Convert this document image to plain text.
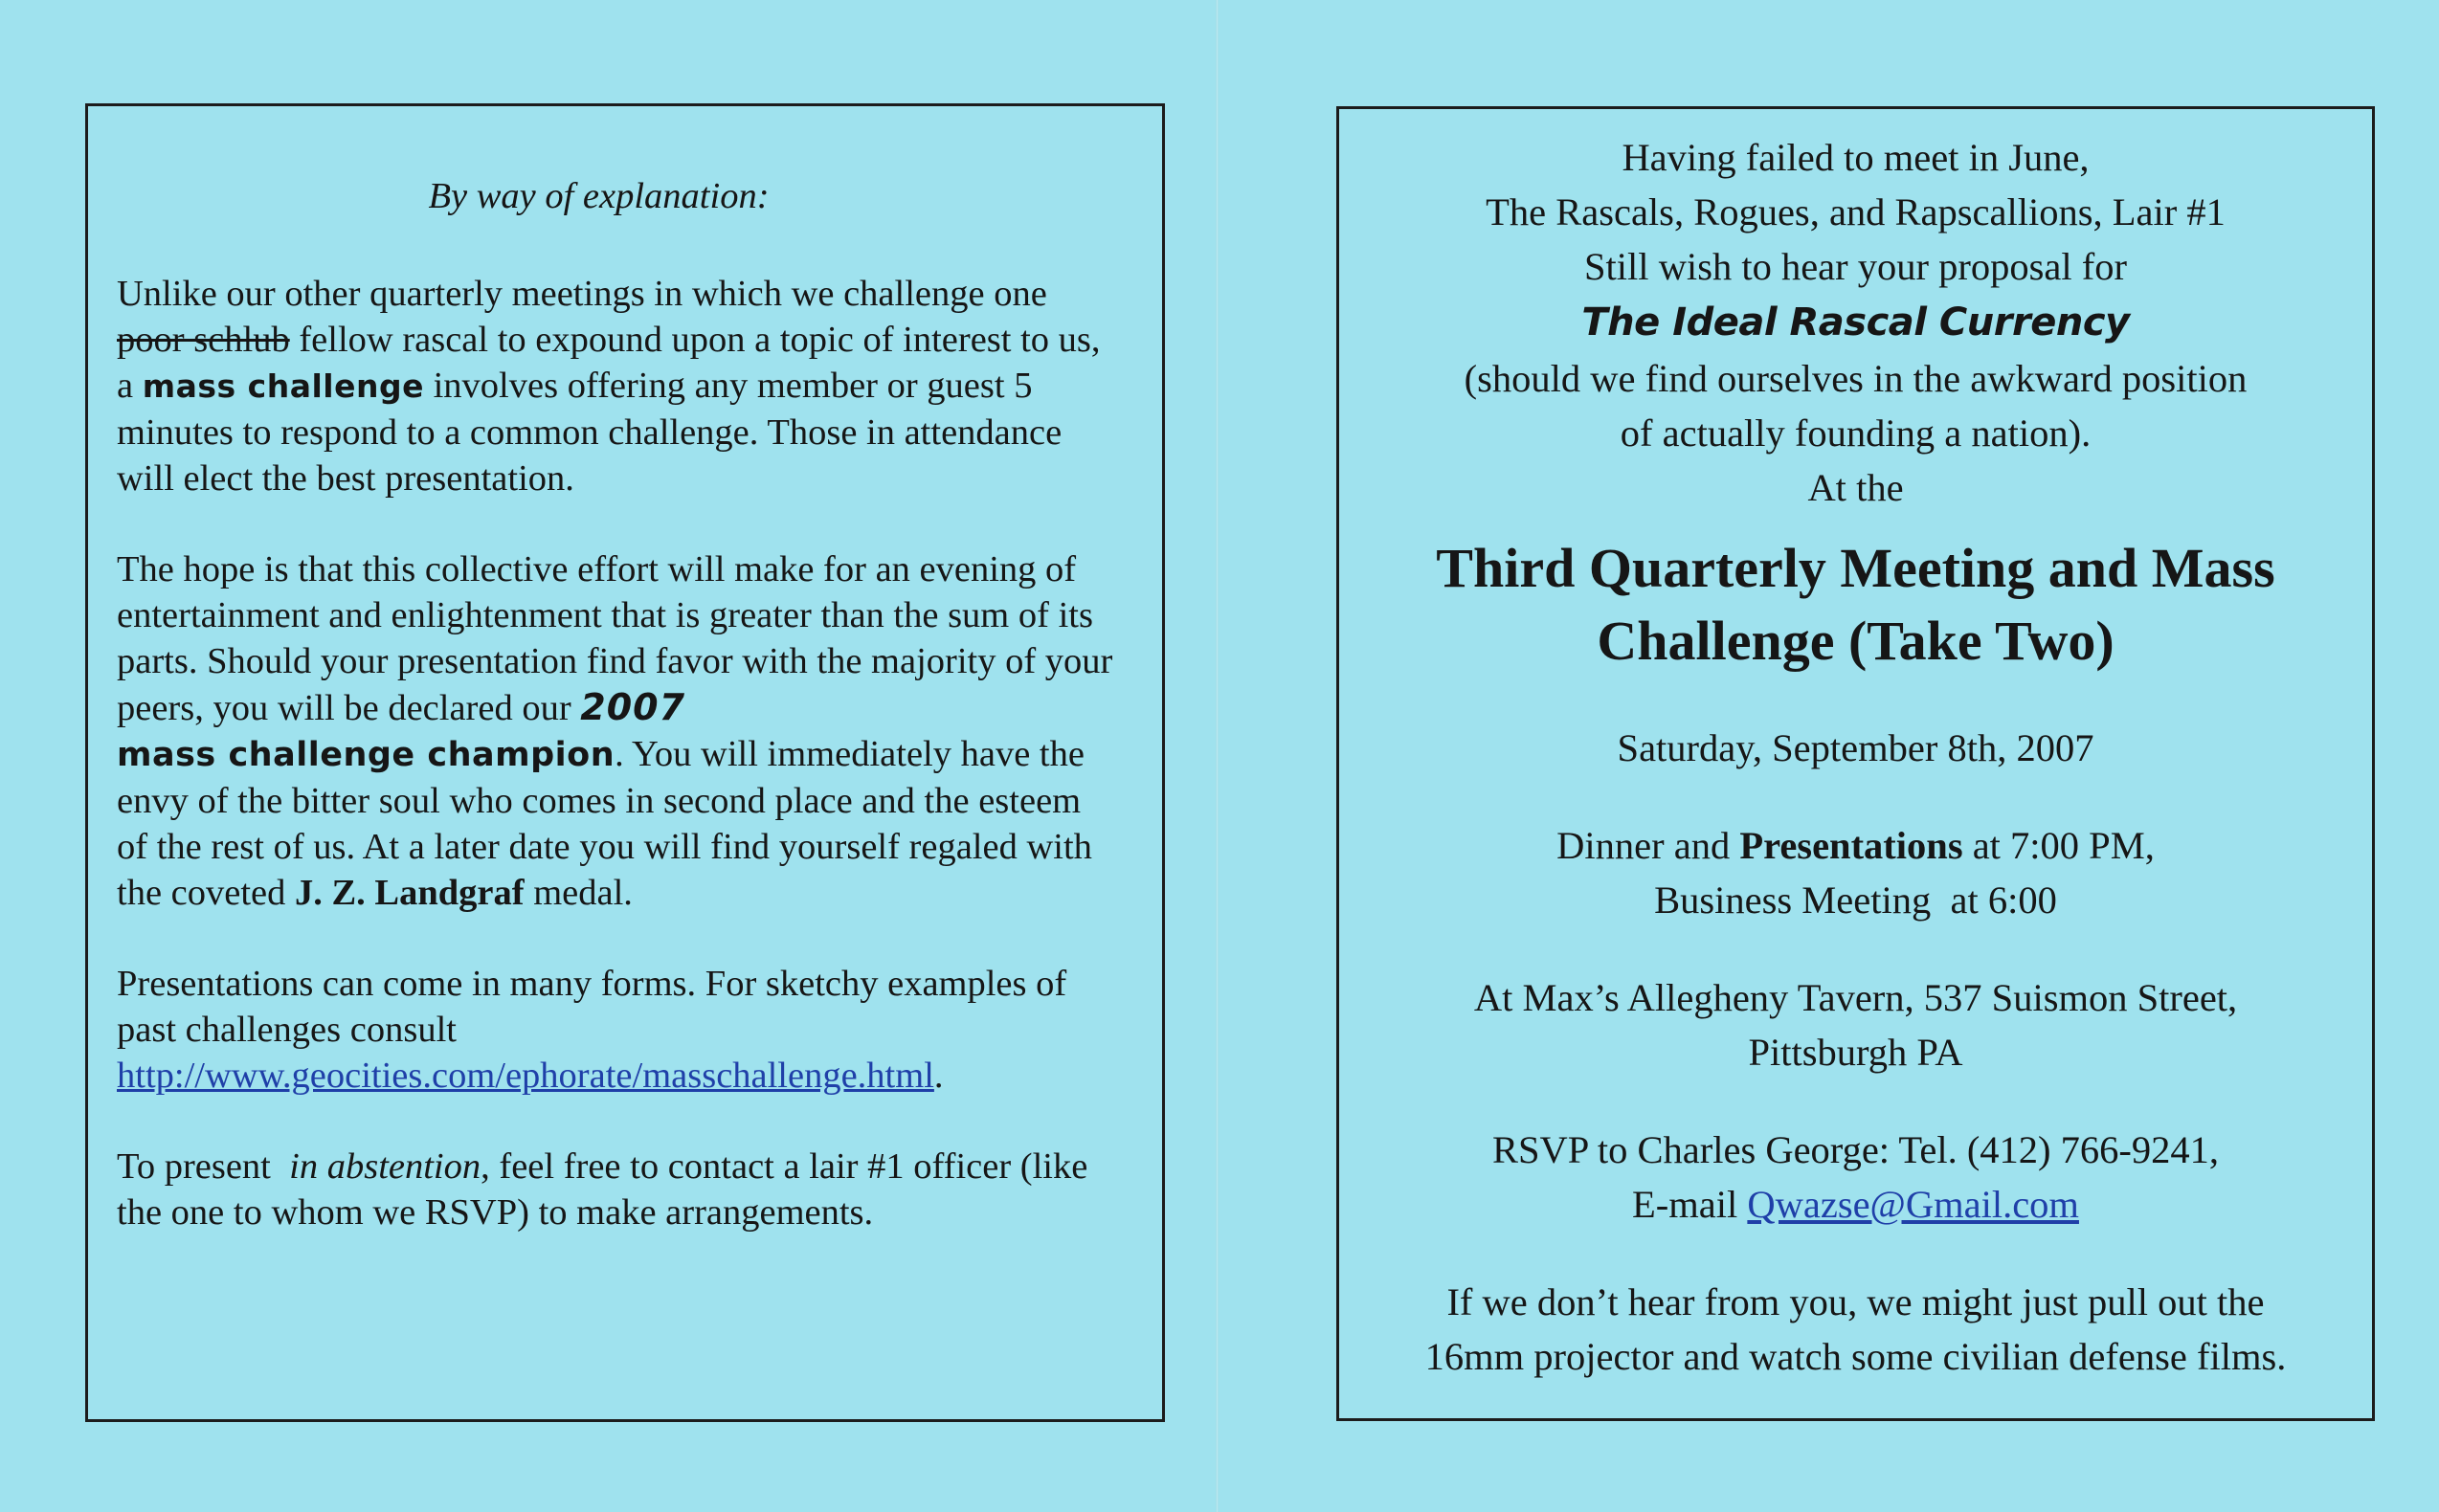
By way of explanation:

Unlike our other quarterly meetings in which we challenge one
poor schlub fellow rascal to expound upon a topic of interest to us, a mass challenge involves offering any member or guest 5 minutes to respond to a common challenge. Those in attendance will elect the best presentation.

The hope is that this collective effort will make for an evening of entertainment and enlightenment that is greater than the sum of its parts. Should your presentation find favor with the majority of your peers, you will be declared our 2007
mass challenge champion. You will immediately have the envy of the bitter soul who comes in second place and the esteem of the rest of us. At a later date you will find yourself regaled with the coveted J. Z. Landgraf medal.

Presentations can come in many forms. For sketchy examples of past challenges consult
http://www.geocities.com/ephorate/masschallenge.html.

To present  in abstention, feel free to contact a lair #1 officer (like the one to whom we RSVP) to make arrangements.

Having failed to meet in June,

The Rascals, Rogues, and Rapscallions, Lair #1

Still wish to hear your proposal for

The Ideal Rascal Currency

(should we find ourselves in the awkward position

of actually founding a nation).

At the

Third Quarterly Meeting and Mass

Challenge (Take Two)

Saturday, September 8th, 2007

Dinner and Presentations at 7:00 PM,

Business Meeting  at 6:00

At Max’s Allegheny Tavern, 537 Suismon Street,

Pittsburgh PA

RSVP to Charles George: Tel. (412) 766-9241,

E-mail Qwazse@Gmail.com

If we don’t hear from you, we might just pull out the

16mm projector and watch some civilian defense films.
